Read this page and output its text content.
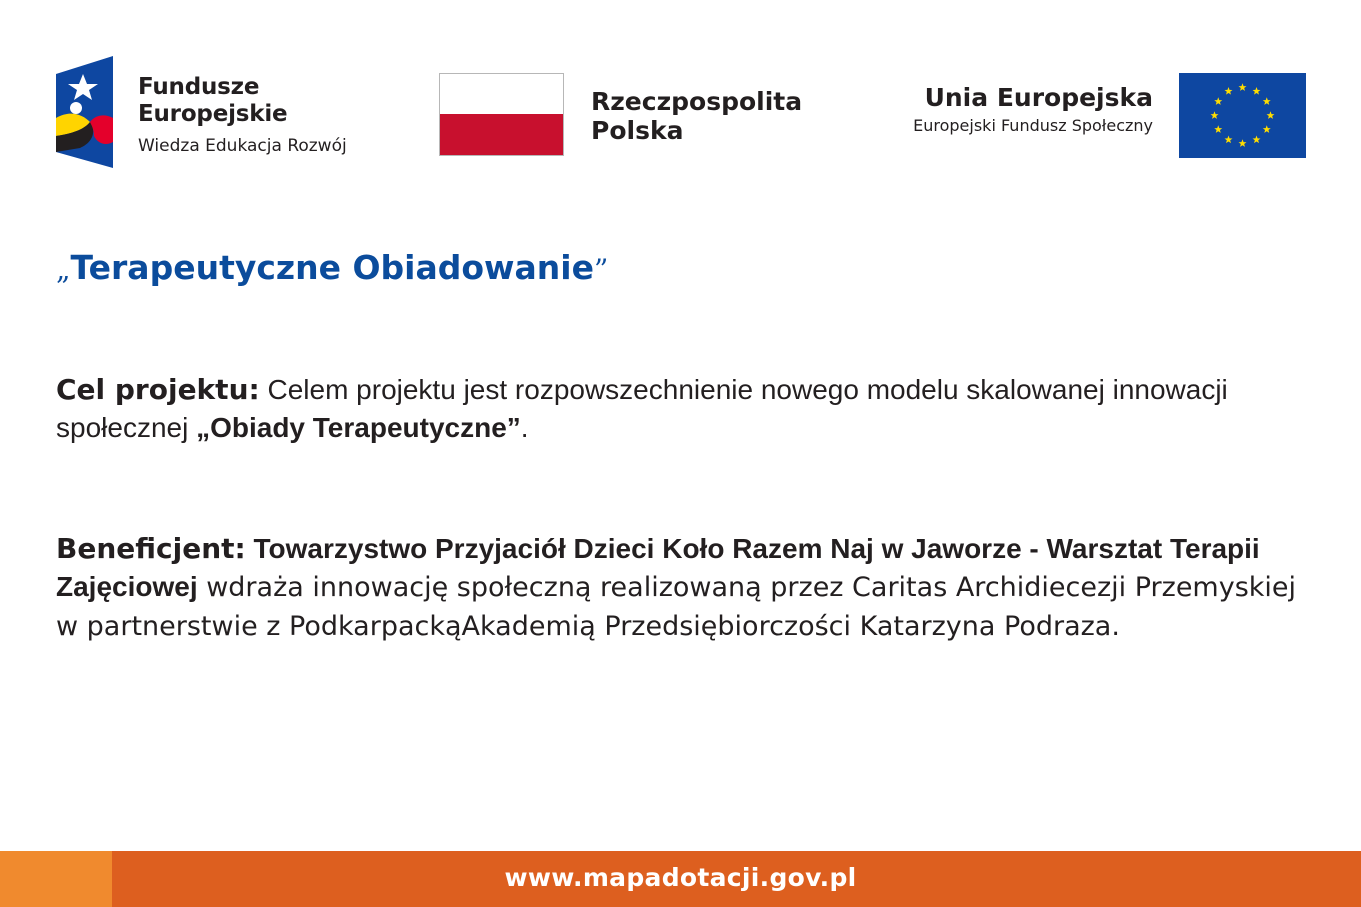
Fundusze
Europejskie
Wiedza Edukacja Rozwój
Rzeczpospolita
Polska
Unia Europejska
Europejski Fundusz Społeczny
„Terapeutyczne Obiadowanie”
Cel projektu: Celem projektu jest rozpowszechnienie nowego modelu skalowanej innowacji społecznej „Obiady Terapeutyczne”.
Beneficjent: Towarzystwo Przyjaciół Dzieci Koło Razem Naj w Jaworze - Warsztat Terapii Zajęciowej wdraża innowację społeczną realizowaną przez Caritas Archidiecezji Przemyskiej w partnerstwie z PodkarpackąAkademią Przedsiębiorczości Katarzyna Podraza.
www.mapadotacji.gov.pl
